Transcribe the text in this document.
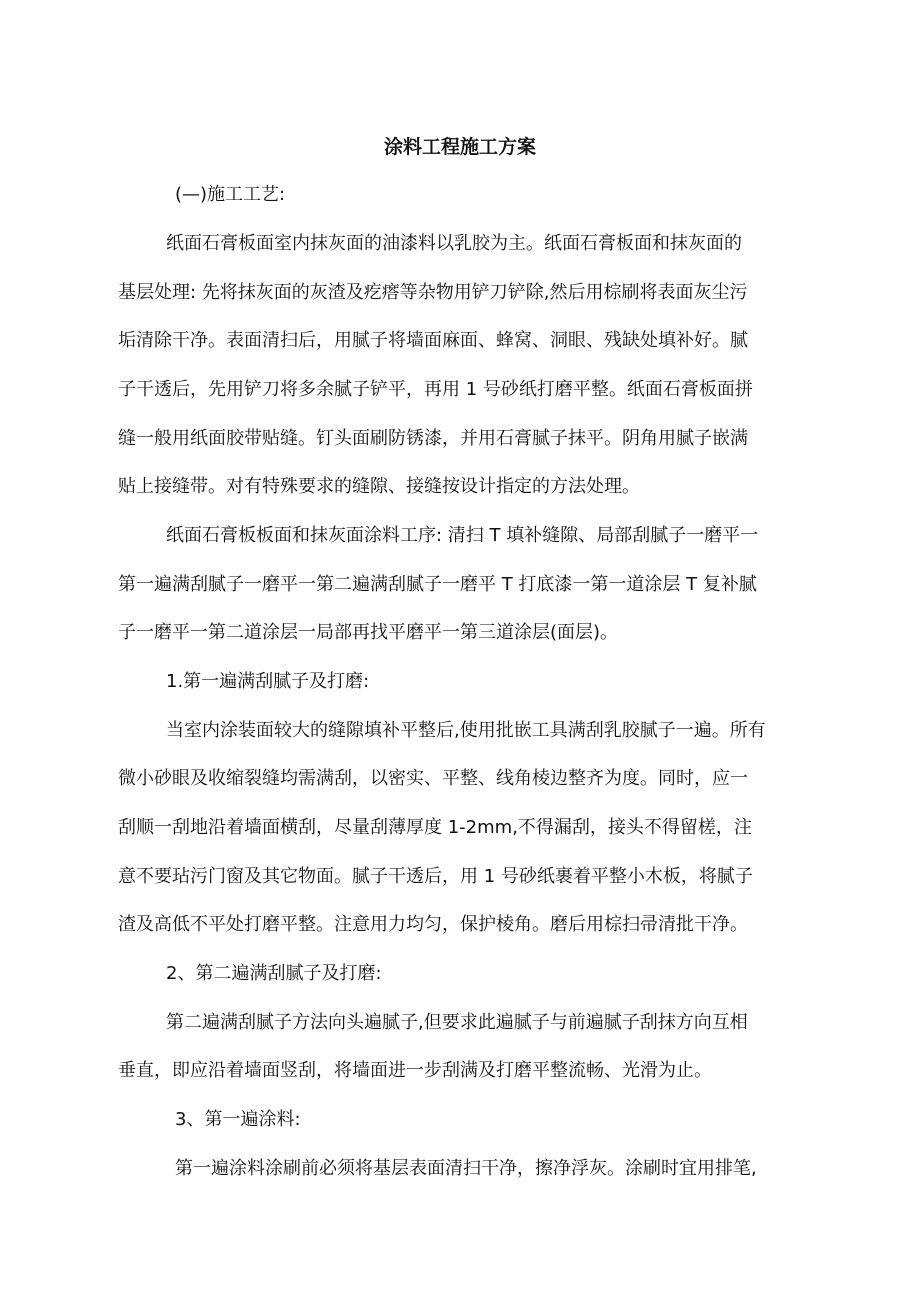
涂料工程施工方案

(—)施工工艺:

纸面石膏板面室内抹灰面的油漆料以乳胶为主。纸面石膏板面和抹灰面的

基层处理: 先将抹灰面的灰渣及疙瘩等杂物用铲刀铲除,然后用棕刷将表面灰尘污

垢清除干净。表面清扫后，用腻子将墙面麻面、蜂窝、洞眼、残缺处填补好。腻

子干透后，先用铲刀将多余腻子铲平，再用 1 号砂纸打磨平整。纸面石膏板面拼

缝一般用纸面胶带贴缝。钉头面刷防锈漆，并用石膏腻子抹平。阴角用腻子嵌满

贴上接缝带。对有特殊要求的缝隙、接缝按设计指定的方法处理。

纸面石膏板板面和抹灰面涂料工序: 清扫 T 填补缝隙、局部刮腻子一磨平一

第一遍满刮腻子一磨平一第二遍满刮腻子一磨平 T 打底漆一第一道涂层 T 复补腻

子一磨平一第二道涂层一局部再找平磨平一第三道涂层(面层)。

1.第一遍满刮腻子及打磨:

当室内涂装面较大的缝隙填补平整后,使用批嵌工具满刮乳胶腻子一遍。所有

微小砂眼及收缩裂缝均需满刮，以密实、平整、线角棱边整齐为度。同时，应一

刮顺一刮地沿着墙面横刮，尽量刮薄厚度 1-2mm,不得漏刮，接头不得留槎，注

意不要玷污门窗及其它物面。腻子干透后，用 1 号砂纸裹着平整小木板，将腻子

渣及高低不平处打磨平整。注意用力均匀，保护棱角。磨后用棕扫帚清批干净。

2、第二遍满刮腻子及打磨:

第二遍满刮腻子方法向头遍腻子,但要求此遍腻子与前遍腻子刮抹方向互相

垂直，即应沿着墙面竖刮，将墙面进一步刮满及打磨平整流畅、光滑为止。

3、第一遍涂料:

第一遍涂料涂刷前必须将基层表面清扫干净，擦净浮灰。涂刷时宜用排笔,
